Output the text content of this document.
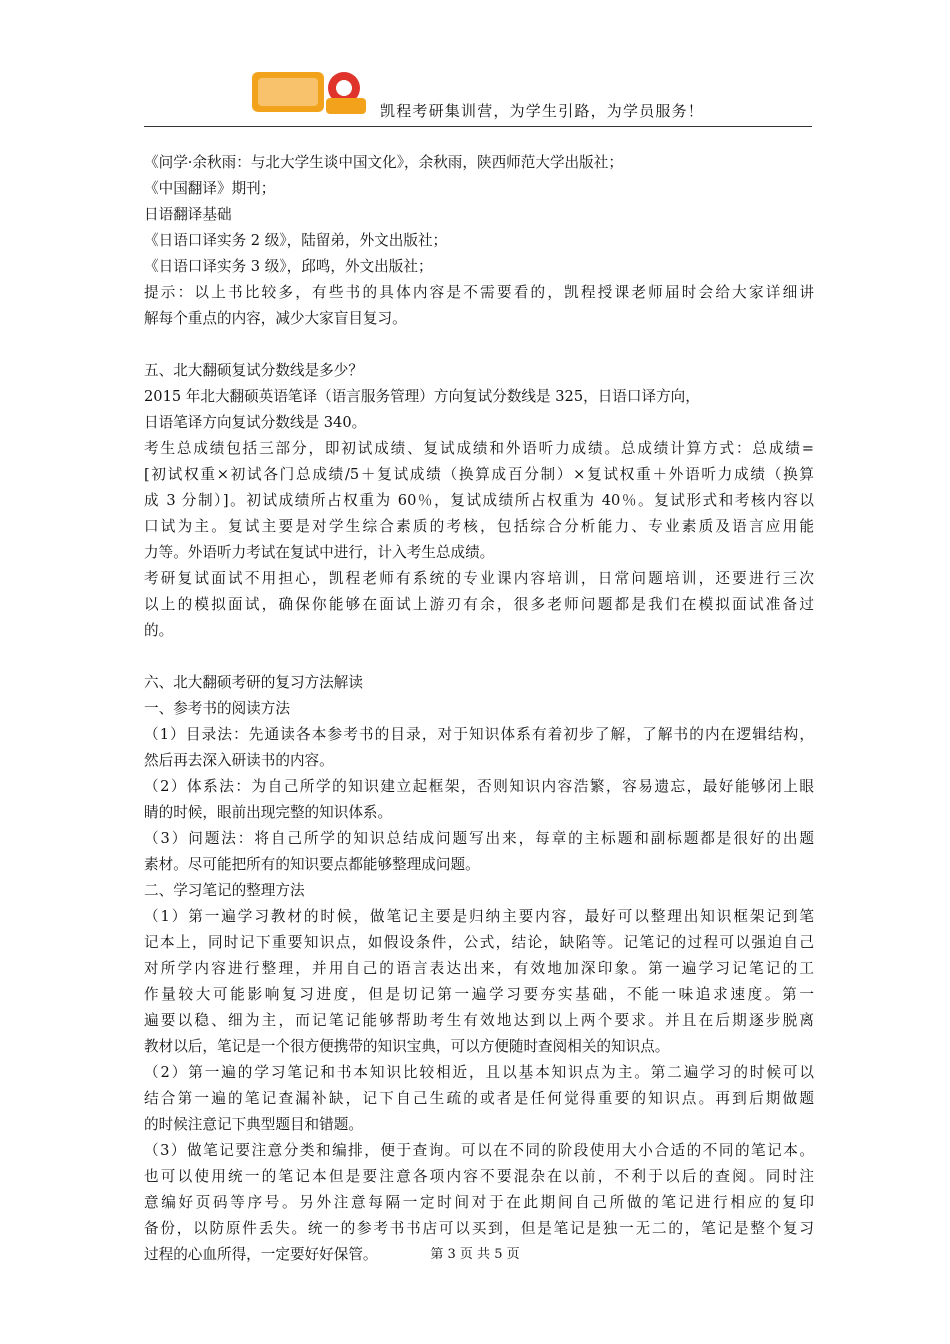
凯程考研集训营，为学生引路，为学员服务！
《问学·余秋雨：与北大学生谈中国文化》，余秋雨，陕西师范大学出版社；
《中国翻译》期刊；
日语翻译基础
《日语口译实务 2 级》，陆留弟，外文出版社；
《日语口译实务 3 级》，邱鸣，外文出版社；
提示：以上书比较多，有些书的具体内容是不需要看的，凯程授课老师届时会给大家详细讲
解每个重点的内容，减少大家盲目复习。
五、北大翻硕复试分数线是多少？
2015 年北大翻硕英语笔译（语言服务管理）方向复试分数线是 325，日语口译方向，
日语笔译方向复试分数线是 340。
考生总成绩包括三部分，即初试成绩、复试成绩和外语听力成绩。总成绩计算方式：总成绩=
[初试权重×初试各门总成绩/5＋复试成绩（换算成百分制）×复试权重＋外语听力成绩（换算
成 3 分制）]。初试成绩所占权重为 60％，复试成绩所占权重为 40％。复试形式和考核内容以
口试为主。复试主要是对学生综合素质的考核，包括综合分析能力、专业素质及语言应用能
力等。外语听力考试在复试中进行，计入考生总成绩。
考研复试面试不用担心，凯程老师有系统的专业课内容培训，日常问题培训，还要进行三次
以上的模拟面试，确保你能够在面试上游刃有余，很多老师问题都是我们在模拟面试准备过
的。
六、北大翻硕考研的复习方法解读
一、参考书的阅读方法
（1）目录法：先通读各本参考书的目录，对于知识体系有着初步了解，了解书的内在逻辑结构，
然后再去深入研读书的内容。
（2）体系法：为自己所学的知识建立起框架，否则知识内容浩繁，容易遗忘，最好能够闭上眼
睛的时候，眼前出现完整的知识体系。
（3）问题法：将自己所学的知识总结成问题写出来，每章的主标题和副标题都是很好的出题
素材。尽可能把所有的知识要点都能够整理成问题。
二、学习笔记的整理方法
（1）第一遍学习教材的时候，做笔记主要是归纳主要内容，最好可以整理出知识框架记到笔
记本上，同时记下重要知识点，如假设条件，公式，结论，缺陷等。记笔记的过程可以强迫自己
对所学内容进行整理，并用自己的语言表达出来，有效地加深印象。第一遍学习记笔记的工
作量较大可能影响复习进度，但是切记第一遍学习要夯实基础，不能一味追求速度。第一
遍要以稳、细为主，而记笔记能够帮助考生有效地达到以上两个要求。并且在后期逐步脱离
教材以后，笔记是一个很方便携带的知识宝典，可以方便随时查阅相关的知识点。
（2）第一遍的学习笔记和书本知识比较相近，且以基本知识点为主。第二遍学习的时候可以
结合第一遍的笔记查漏补缺，记下自己生疏的或者是任何觉得重要的知识点。再到后期做题
的时候注意记下典型题目和错题。
（3）做笔记要注意分类和编排，便于查询。可以在不同的阶段使用大小合适的不同的笔记本。
也可以使用统一的笔记本但是要注意各项内容不要混杂在以前，不利于以后的查阅。同时注
意编好页码等序号。另外注意每隔一定时间对于在此期间自己所做的笔记进行相应的复印
备份，以防原件丢失。统一的参考书书店可以买到，但是笔记是独一无二的，笔记是整个复习
过程的心血所得，一定要好好保管。	第 3 页 共 5 页
